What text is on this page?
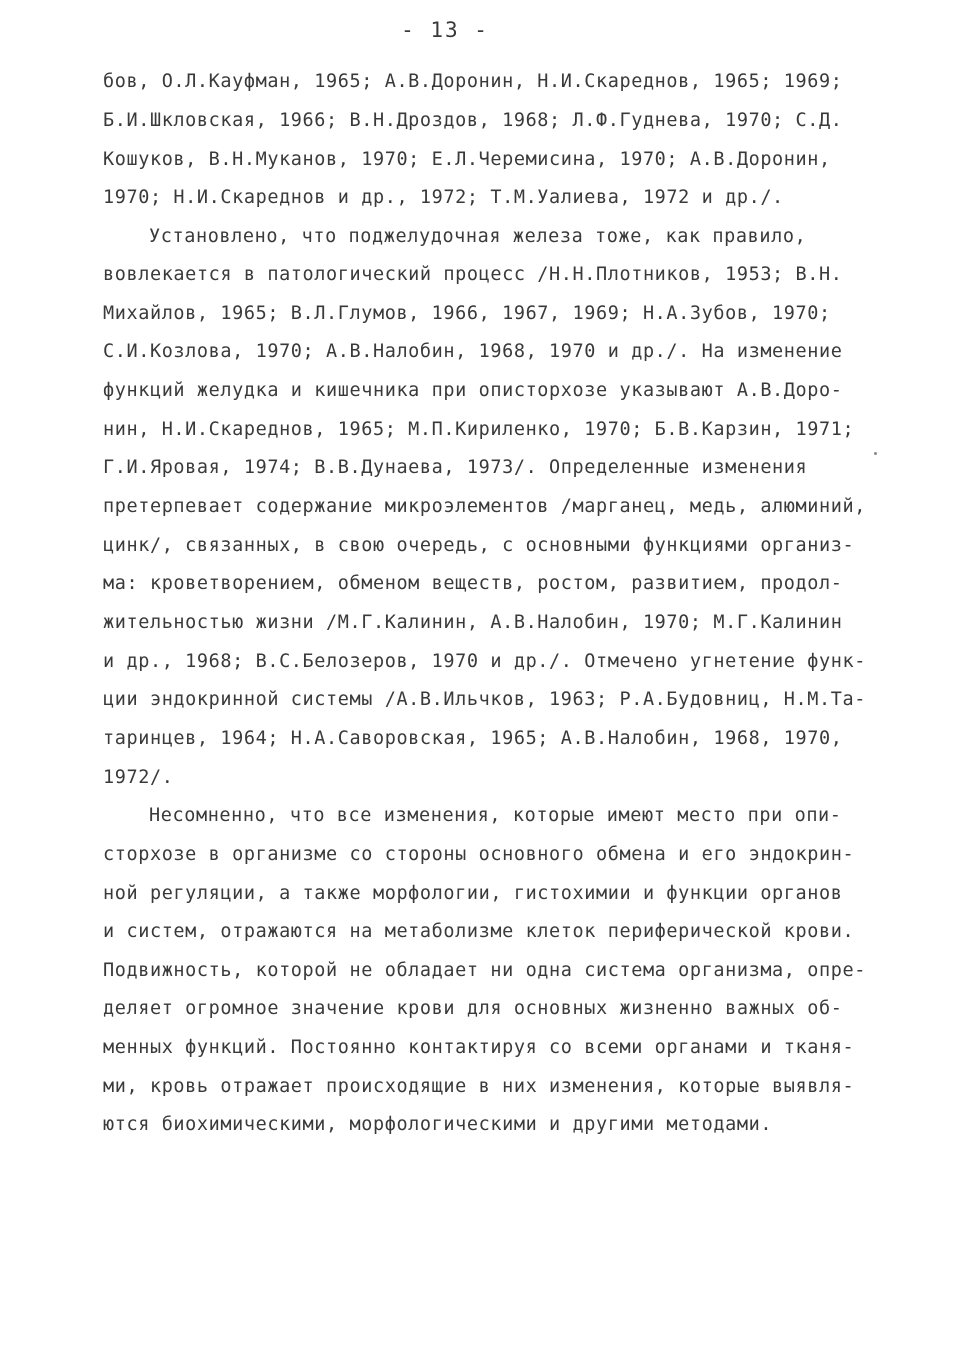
- 13 -
бов, О.Л.Кауфман, 1965; А.В.Доронин, Н.И.Скареднов, 1965; 1969;
Б.И.Шкловская, 1966; В.Н.Дроздов, 1968; Л.Ф.Гуднева, 1970; С.Д.
Кошуков, В.Н.Муканов, 1970; Е.Л.Черемисина, 1970; А.В.Доронин,
1970; Н.И.Скареднов и др., 1972; Т.М.Уалиева, 1972 и др./.
Установлено, что поджелудочная железа тоже, как правило,
вовлекается в патологический процесс /Н.Н.Плотников, 1953; В.Н.
Михайлов, 1965; В.Л.Глумов, 1966, 1967, 1969; Н.А.Зубов, 1970;
С.И.Козлова, 1970; А.В.Налобин, 1968, 1970 и др./. На изменение
функций желудка и кишечника при описторхозе указывают А.В.Доро-
нин, Н.И.Скареднов, 1965; М.П.Кириленко, 1970; Б.В.Карзин, 1971;
Г.И.Яровая, 1974; В.В.Дунаева, 1973/. Определенные изменения
претерпевает содержание микроэлементов /марганец, медь, алюминий,
цинк/, связанных, в свою очередь, с основными функциями организ-
ма: кроветворением, обменом веществ, ростом, развитием, продол-
жительностью жизни /М.Г.Калинин, А.В.Налобин, 1970; М.Г.Калинин
и др., 1968; В.С.Белозеров, 1970 и др./. Отмечено угнетение функ-
ции эндокринной системы /А.В.Ильчков, 1963; Р.А.Будовниц, Н.М.Та-
таринцев, 1964; Н.А.Саворовская, 1965; А.В.Налобин, 1968, 1970,
1972/.
Несомненно, что все изменения, которые имеют место при опи-
сторхозе в организме со стороны основного обмена и его эндокрин-
ной регуляции, а также морфологии, гистохимии и функции органов
и систем, отражаются на метаболизме клеток периферической крови.
Подвижность, которой не обладает ни одна система организма, опре-
деляет огромное значение крови для основных жизненно важных об-
менных функций. Постоянно контактируя со всеми органами и тканя-
ми, кровь отражает происходящие в них изменения, которые выявля-
ются биохимическими, морфологическими и другими методами.
